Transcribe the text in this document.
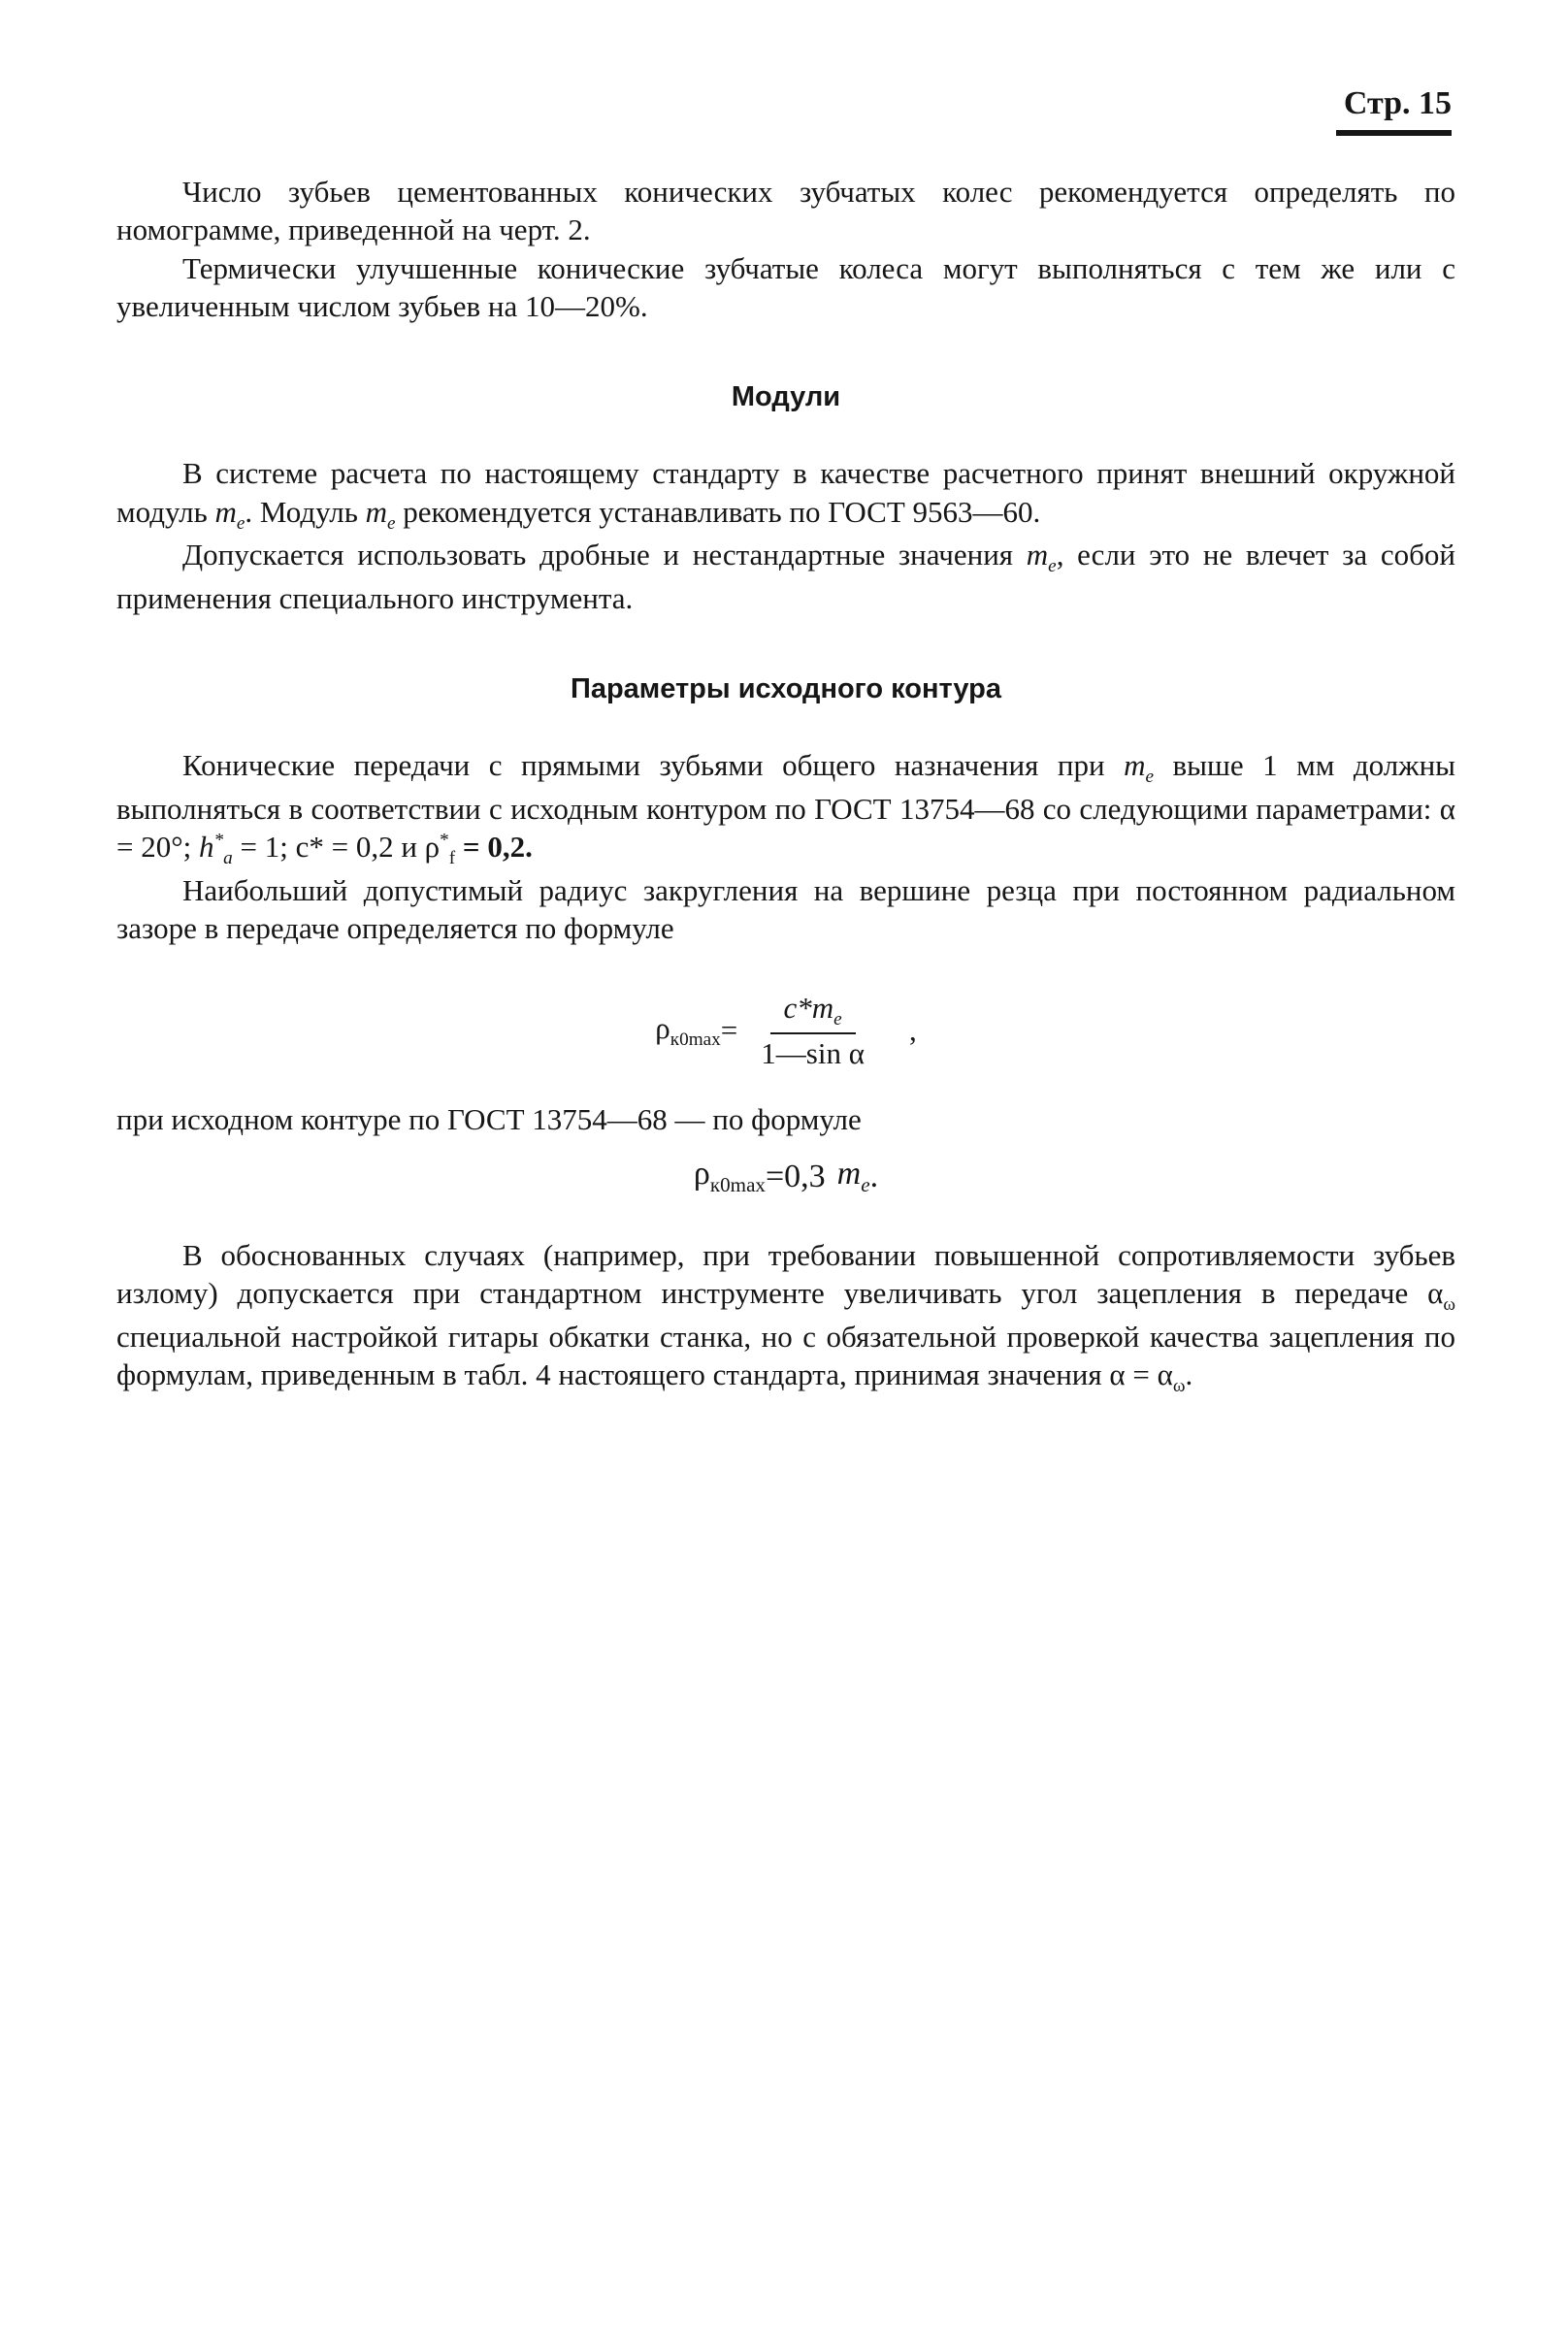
Стр. 15

Число зубьев цементованных конических зубчатых колес рекомендуется определять по номограмме, приведенной на черт. 2.

Термически улучшенные конические зубчатые колеса могут выполняться с тем же или с увеличенным числом зубьев на 10—20%.

Модули

В системе расчета по настоящему стандарту в качестве расчетного принят внешний окружной модуль $m_e$. Модуль $m_e$ рекомендуется устанавливать по ГОСТ 9563—60.

Допускается использовать дробные и нестандартные значения $m_e$, если это не влечет за собой применения специального инструмента.

Параметры исходного контура

Конические передачи с прямыми зубьями общего назначения при $m_e$ выше 1 мм должны выполняться в соответствии с исходным контуром по ГОСТ 13754—68 со следующими параметрами: α = 20°; $h^*_a = 1$; c* = 0,2 и $\rho^*_f = 0,2$.

Наибольший допустимый радиус закругления на вершине резца при постоянном радиальном зазоре в передаче определяется по формуле

$\rho_{к0max} = \frac{c*m_e}{\text{1—sin α}}$ ,

при исходном контуре по ГОСТ 13754—68 — по формуле

$\rho_{к0max} =0,3$ $m_e$ .

В обоснованных случаях (например, при требовании повышенной сопротивляемости зубьев излому) допускается при стандартном инструменте увеличивать угол зацепления в передаче $\alpha_\omega$ специальной настройкой гитары обкатки станка, но с обязательной проверкой качества зацепления по формулам, приведенным в табл. 4 настоящего стандарта, принимая значения $\alpha = \alpha_\omega$.
